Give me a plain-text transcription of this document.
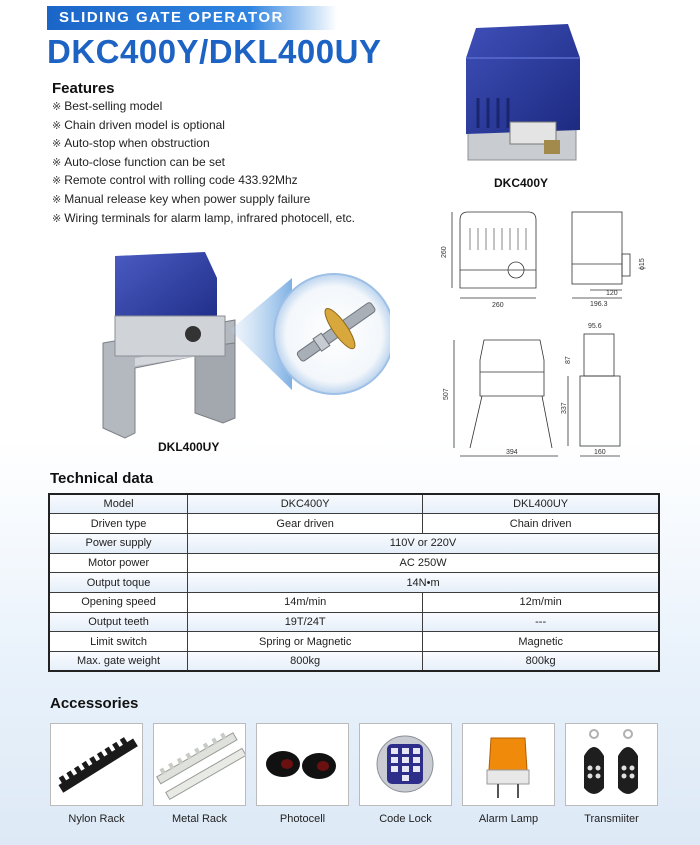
SLIDING GATE OPERATOR
DKC400Y/DKL400UY
Features
※ Best-selling model
※ Chain driven model is optional
※ Auto-stop when obstruction
※ Auto-close function can be set
※ Remote control with rolling code 433.92Mhz
※ Manual release key when power supply failure
※ Wiring terminals for alarm lamp, infrared photocell, etc.
DKC400Y
DKL400UY
260
260
120
196.3
ϕ15
507
394
95.6
87
337
160
Technical data
Model	DKC400Y	DKL400UY
Driven type	Gear driven	Chain driven
Power supply	110V or 220V	
Motor power	AC 250W	
Output toque	14N•m	
Opening speed	14m/min	12m/min
Output teeth	19T/24T	---
Limit switch	Spring or Magnetic	Magnetic
Max. gate weight	800kg	800kg
Accessories
Nylon Rack	Metal Rack	Photocell	Code Lock	Alarm Lamp	Transmiiter
